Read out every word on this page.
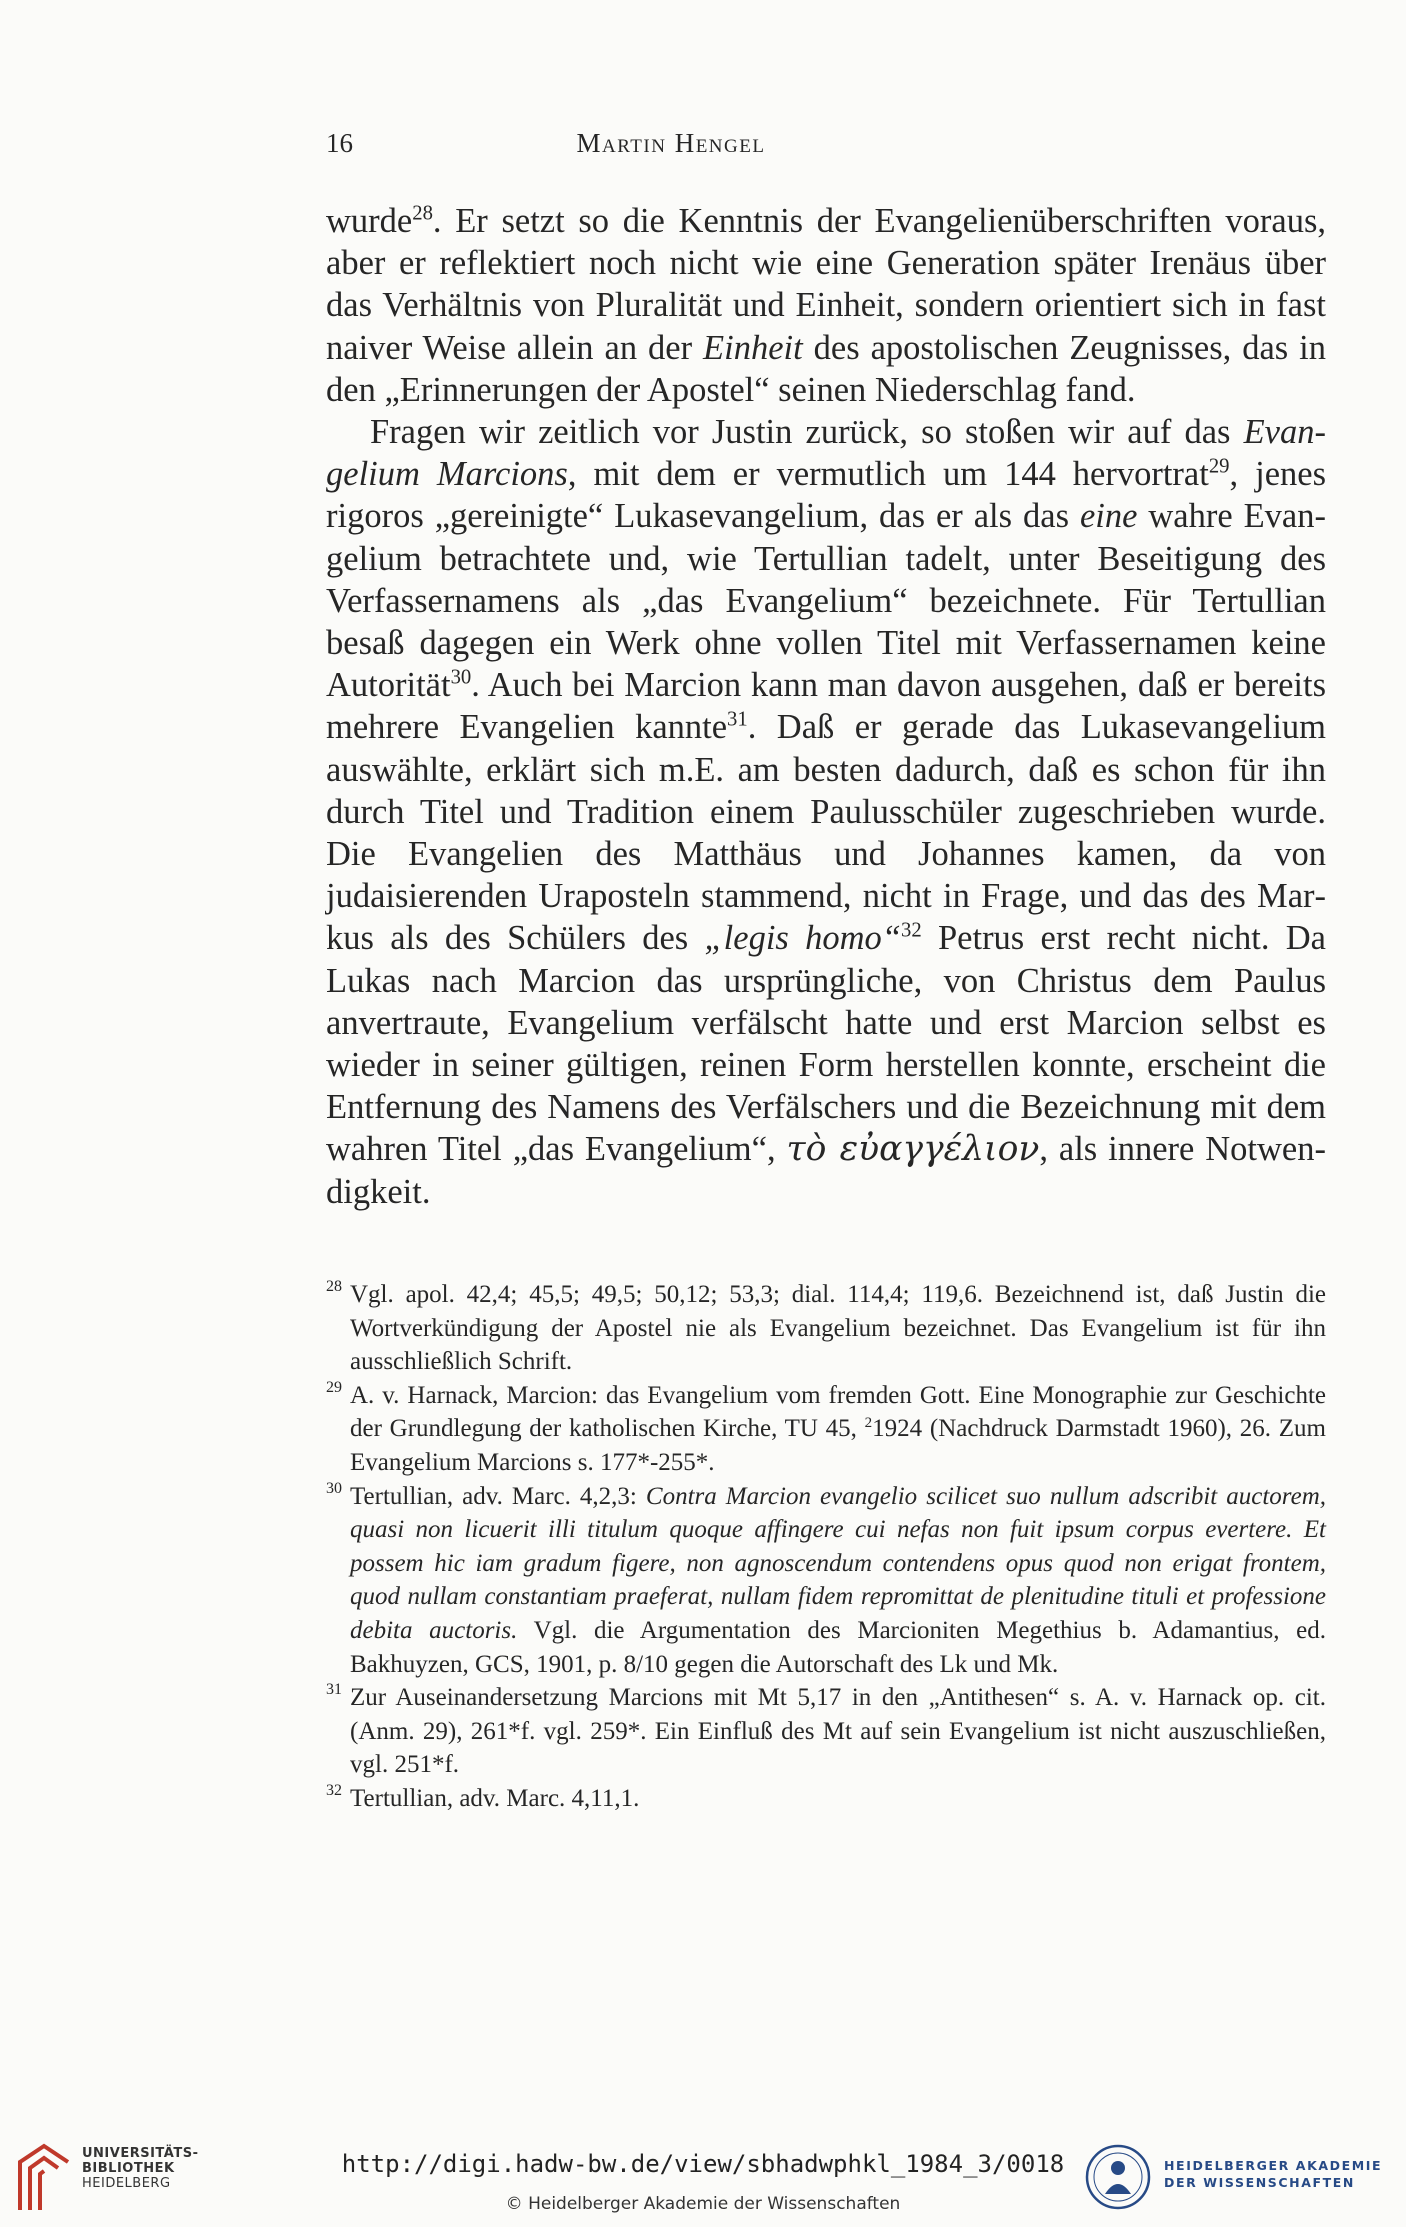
16	Martin Hengel

wurde$^{28}$. Er setzt so die Kenntnis der Evangelienüberschriften voraus, aber er reflektiert noch nicht wie eine Generation später Irenäus über das Verhältnis von Pluralität und Einheit, sondern orientiert sich in fast naiver Weise allein an der Einheit des apostolischen Zeugnisses, das in den „Erinnerungen der Apostel“ seinen Niederschlag fand.

Fragen wir zeitlich vor Justin zurück, so stoßen wir auf das Evangelium Marcions, mit dem er vermutlich um 144 hervortrat$^{29}$, jenes rigoros „gereinigte“ Lukasevangelium, das er als das eine wahre Evangelium betrachtete und, wie Tertullian tadelt, unter Beseitigung des Verfassernamens als „das Evangelium“ bezeichnete. Für Tertullian besaß dagegen ein Werk ohne vollen Titel mit Verfassernamen keine Autorität$^{30}$. Auch bei Marcion kann man davon ausgehen, daß er bereits mehrere Evangelien kannte$^{31}$. Daß er gerade das Lukasevangelium auswählte, erklärt sich m.E. am besten dadurch, daß es schon für ihn durch Titel und Tradition einem Paulusschüler zugeschrieben wurde. Die Evangelien des Matthäus und Johannes kamen, da von judaisierenden Uraposteln stammend, nicht in Frage, und das des Markus als des Schülers des „legis homo“$^{32}$ Petrus erst recht nicht. Da Lukas nach Marcion das ursprüngliche, von Christus dem Paulus anvertraute, Evangelium verfälscht hatte und erst Marcion selbst es wieder in seiner gültigen, reinen Form herstellen konnte, erscheint die Entfernung des Namens des Verfälschers und die Bezeichnung mit dem wahren Titel „das Evangelium“, τὸ εὐαγγέλιον, als innere Notwendigkeit.

28 Vgl. apol. 42,4; 45,5; 49,5; 50,12; 53,3; dial. 114,4; 119,6. Bezeichnend ist, daß Justin die Wortverkündigung der Apostel nie als Evangelium bezeichnet. Das Evangelium ist für ihn ausschließlich Schrift.

29 A. v. Harnack, Marcion: das Evangelium vom fremden Gott. Eine Monographie zur Geschichte der Grundlegung der katholischen Kirche, TU 45, $^2$1924 (Nachdruck Darmstadt 1960), 26. Zum Evangelium Marcions s. 177*-255*.

30 Tertullian, adv. Marc. 4,2,3: Contra Marcion evangelio scilicet suo nullum adscribit auctorem, quasi non licuerit illi titulum quoque affingere cui nefas non fuit ipsum corpus evertere. Et possem hic iam gradum figere, non agnoscendum contendens opus quod non erigat frontem, quod nullam constantiam praeferat, nullam fidem repromittat de plenitudine tituli et professione debita auctoris. Vgl. die Argumentation des Marcioniten Megethius b. Adamantius, ed. Bakhuyzen, GCS, 1901, p. 8/10 gegen die Autorschaft des Lk und Mk.

31 Zur Auseinandersetzung Marcions mit Mt 5,17 in den „Antithesen“ s. A. v. Harnack op. cit. (Anm. 29), 261*f. vgl. 259*. Ein Einfluß des Mt auf sein Evangelium ist nicht auszuschließen, vgl. 251*f.

32 Tertullian, adv. Marc. 4,11,1.

UNIVERSITÄTS-
BIBLIOTHEK
HEIDELBERG
http://digi.hadw-bw.de/view/sbhadwphkl_1984_3/0018
© Heidelberger Akademie der Wissenschaften
HEIDELBERGER AKADEMIE
DER WISSENSCHAFTEN
